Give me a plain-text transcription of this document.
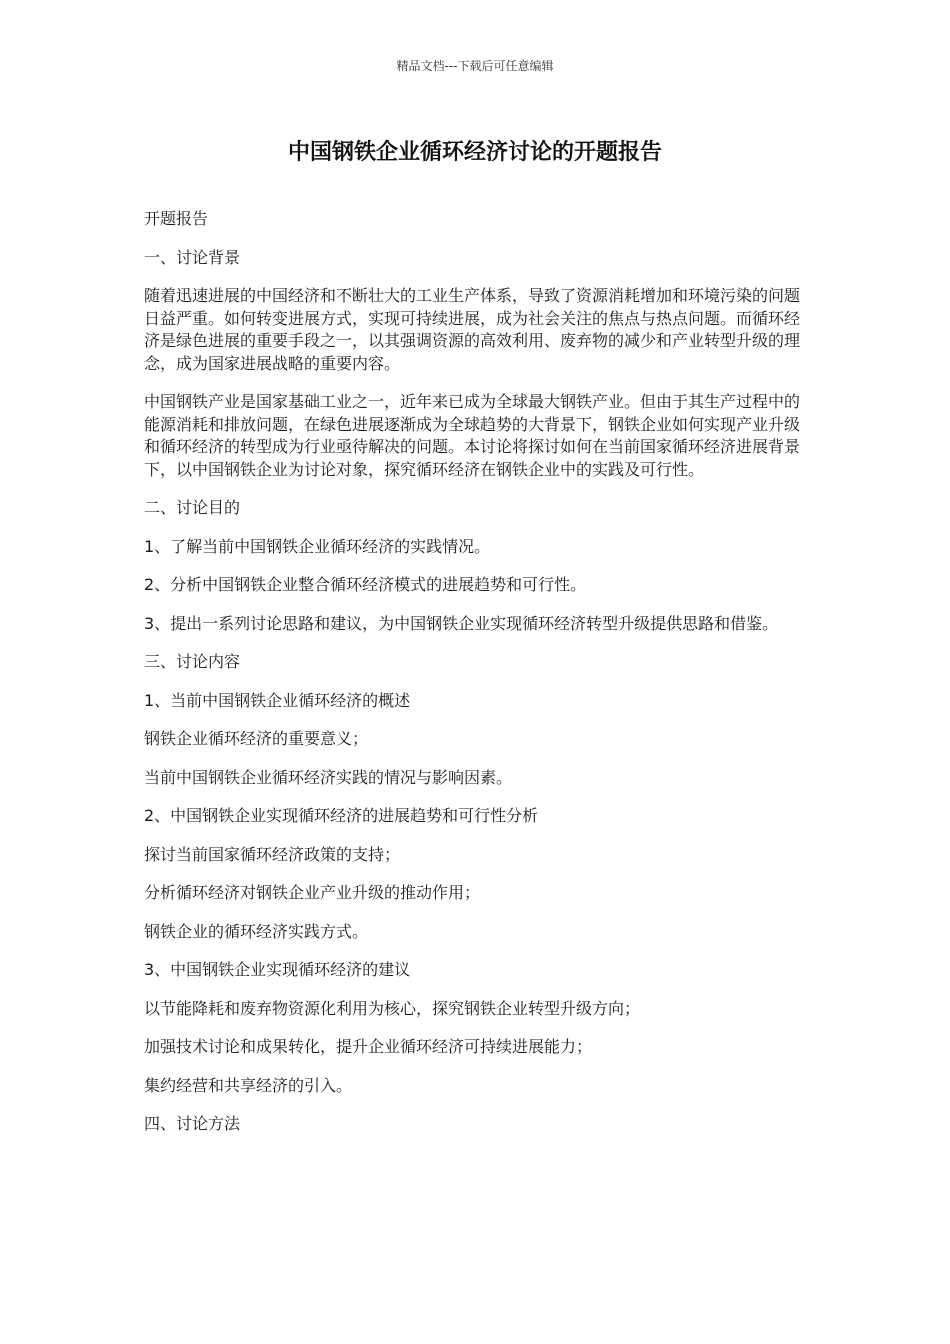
精品文档---下载后可任意编辑
中国钢铁企业循环经济讨论的开题报告

开题报告

一、讨论背景

随着迅速进展的中国经济和不断壮大的工业生产体系，导致了资源消耗增加和环境污染的问题日益严重。如何转变进展方式，实现可持续进展，成为社会关注的焦点与热点问题。而循环经济是绿色进展的重要手段之一，以其强调资源的高效利用、废弃物的减少和产业转型升级的理念，成为国家进展战略的重要内容。

中国钢铁产业是国家基础工业之一，近年来已成为全球最大钢铁产业。但由于其生产过程中的能源消耗和排放问题，在绿色进展逐渐成为全球趋势的大背景下，钢铁企业如何实现产业升级和循环经济的转型成为行业亟待解决的问题。本讨论将探讨如何在当前国家循环经济进展背景下，以中国钢铁企业为讨论对象，探究循环经济在钢铁企业中的实践及可行性。

二、讨论目的

1、了解当前中国钢铁企业循环经济的实践情况。

2、分析中国钢铁企业整合循环经济模式的进展趋势和可行性。

3、提出一系列讨论思路和建议，为中国钢铁企业实现循环经济转型升级提供思路和借鉴。

三、讨论内容

1、当前中国钢铁企业循环经济的概述

钢铁企业循环经济的重要意义；

当前中国钢铁企业循环经济实践的情况与影响因素。

2、中国钢铁企业实现循环经济的进展趋势和可行性分析

探讨当前国家循环经济政策的支持；

分析循环经济对钢铁企业产业升级的推动作用；

钢铁企业的循环经济实践方式。

3、中国钢铁企业实现循环经济的建议

以节能降耗和废弃物资源化利用为核心，探究钢铁企业转型升级方向；

加强技术讨论和成果转化，提升企业循环经济可持续进展能力；

集约经营和共享经济的引入。

四、讨论方法
